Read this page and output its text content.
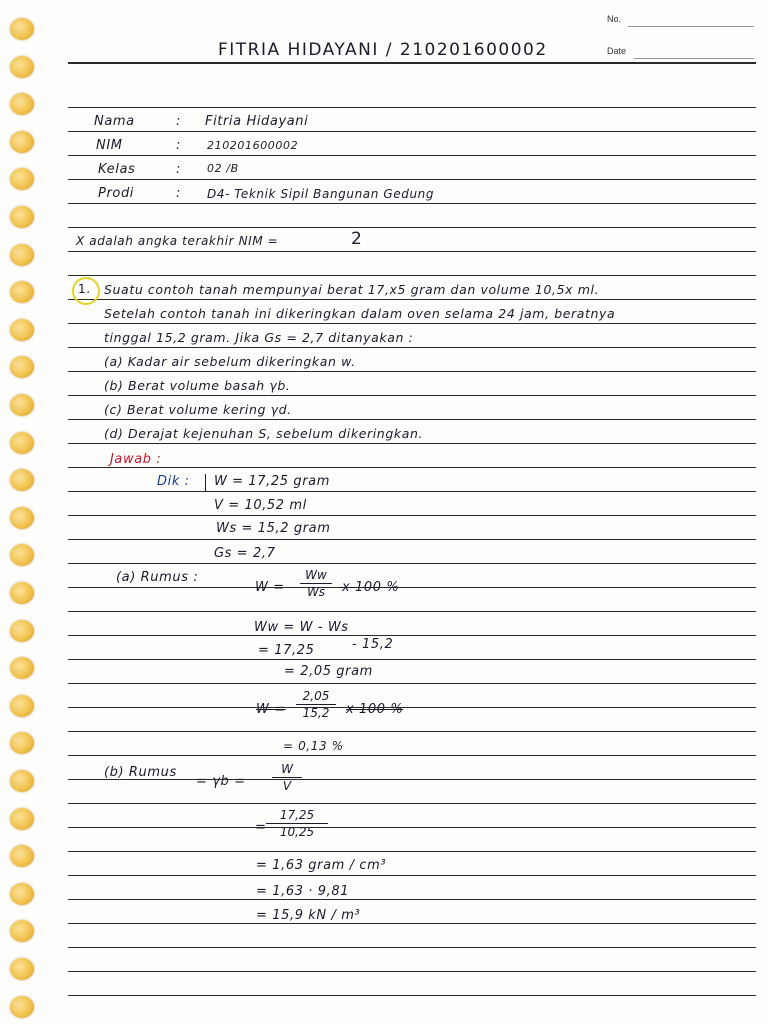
No.
Date
FITRIA HIDAYANI / 210201600002
Nama	: Fitria Hidayani
NIM	: 210201600002
Kelas	: 02 /B
Prodi	: D4- Teknik Sipil Bangunan Gedung
X adalah angka terakhir NIM =	2
1. Suatu contoh tanah mempunyai berat 17,x5 gram dan volume 10,5x ml.
Setelah contoh tanah ini dikeringkan dalam oven selama 24 jam, beratnya
tinggal 15,2 gram. Jika Gs = 2,7 ditanyakan :
(a) Kadar air sebelum dikeringkan w.
(b) Berat volume basah γb.
(c) Berat volume kering γd.
(d) Derajat kejenuhan S, sebelum dikeringkan.
Jawab :
Dik : W = 17,25 gram
V = 10,52 ml
Ws = 15,2 gram
Gs = 2,7
(a) Rumus :
W =
Ww
Ws	x 100 %
Ww = W - Ws
= 17,25	- 15,2
= 2,05 gram
W =
2,05
15,2	x 100 %
= 0,13 %
(b) Rumus
= γb =
W
V
=
17,25
10,25
= 1,63 gram / cm³
= 1,63 · 9,81
= 15,9 kN / m³
